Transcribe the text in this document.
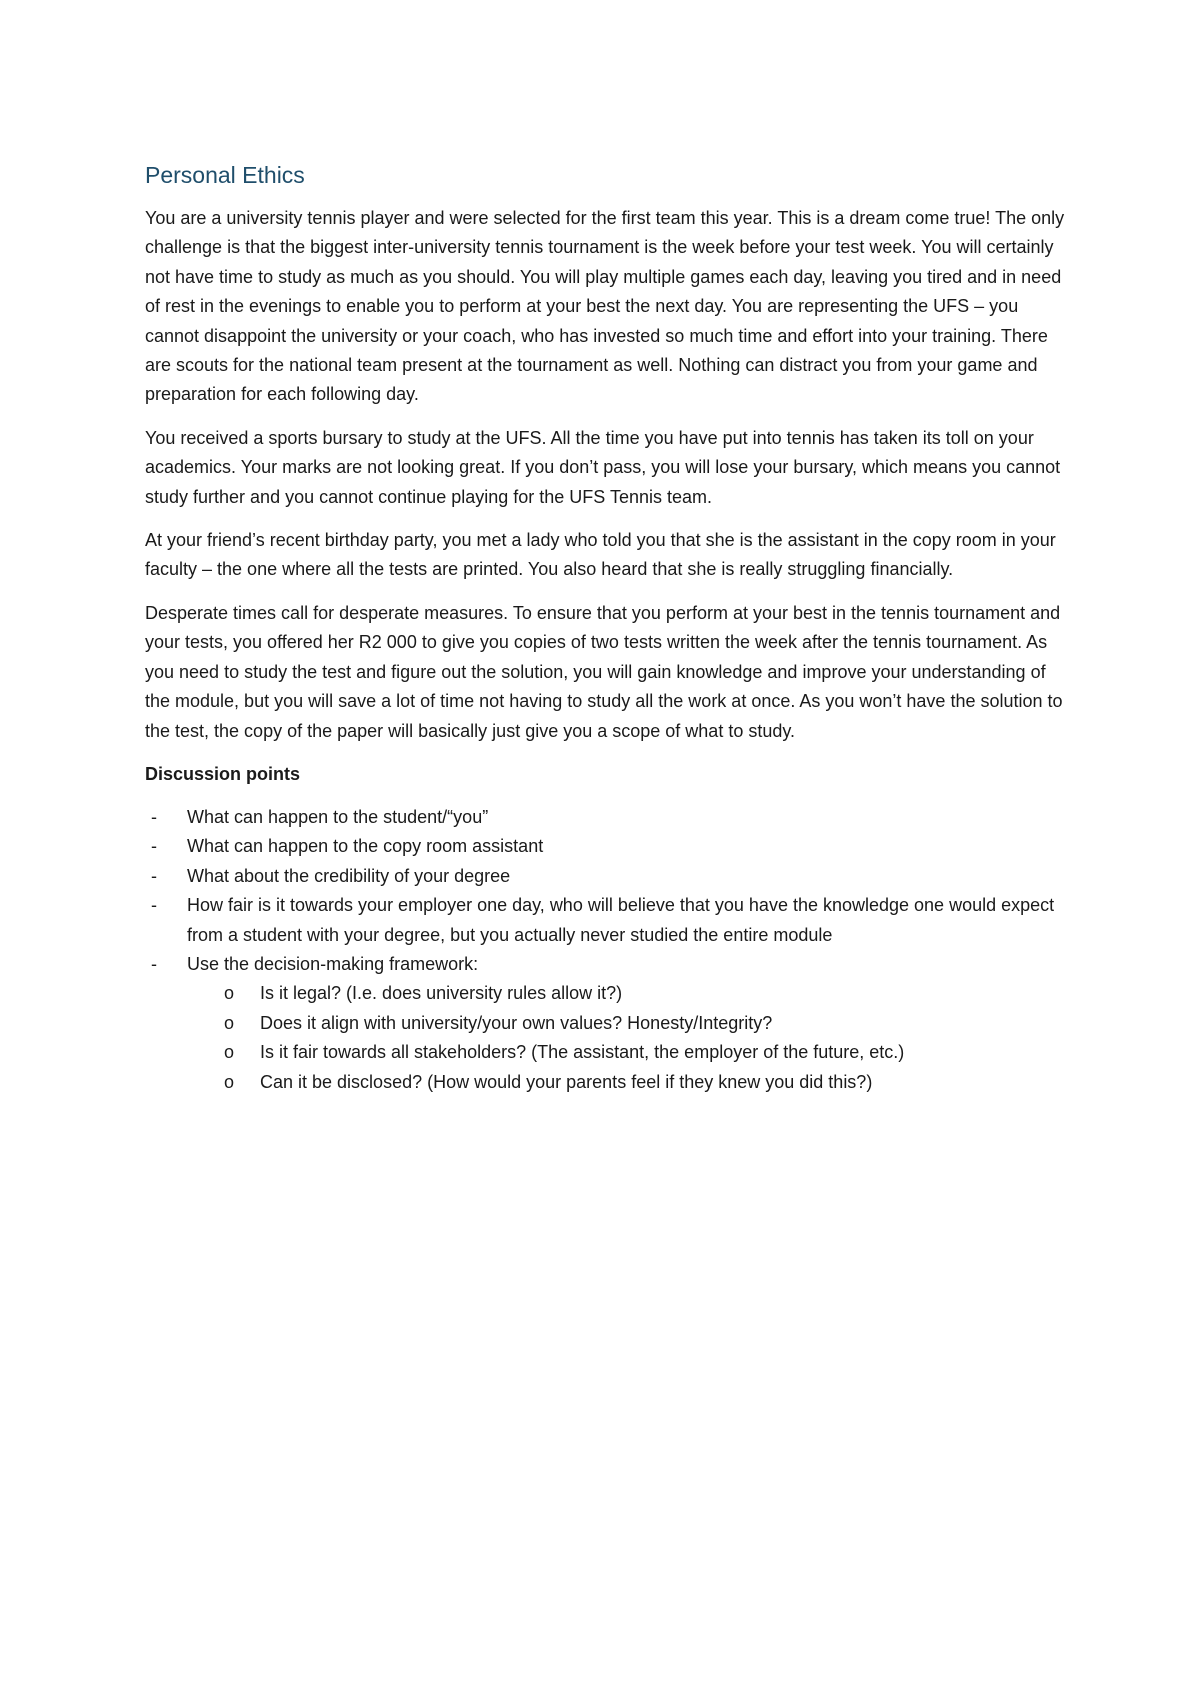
Personal Ethics

You are a university tennis player and were selected for the first team this year. This is a dream come true! The only challenge is that the biggest inter-university tennis tournament is the week before your test week. You will certainly not have time to study as much as you should. You will play multiple games each day, leaving you tired and in need of rest in the evenings to enable you to perform at your best the next day. You are representing the UFS – you cannot disappoint the university or your coach, who has invested so much time and effort into your training. There are scouts for the national team present at the tournament as well. Nothing can distract you from your game and preparation for each following day.

You received a sports bursary to study at the UFS. All the time you have put into tennis has taken its toll on your academics. Your marks are not looking great. If you don’t pass, you will lose your bursary, which means you cannot study further and you cannot continue playing for the UFS Tennis team.

At your friend’s recent birthday party, you met a lady who told you that she is the assistant in the copy room in your faculty – the one where all the tests are printed. You also heard that she is really struggling financially.

Desperate times call for desperate measures. To ensure that you perform at your best in the tennis tournament and your tests, you offered her R2 000 to give you copies of two tests written the week after the tennis tournament. As you need to study the test and figure out the solution, you will gain knowledge and improve your understanding of the module, but you will save a lot of time not having to study all the work at once. As you won’t have the solution to the test, the copy of the paper will basically just give you a scope of what to study.

Discussion points
- What can happen to the student/“you”
- What can happen to the copy room assistant
- What about the credibility of your degree
- How fair is it towards your employer one day, who will believe that you have the knowledge one would expect from a student with your degree, but you actually never studied the entire module
- Use the decision-making framework:
o Is it legal? (I.e. does university rules allow it?)
o Does it align with university/your own values? Honesty/Integrity?
o Is it fair towards all stakeholders? (The assistant, the employer of the future, etc.)
o Can it be disclosed? (How would your parents feel if they knew you did this?)
